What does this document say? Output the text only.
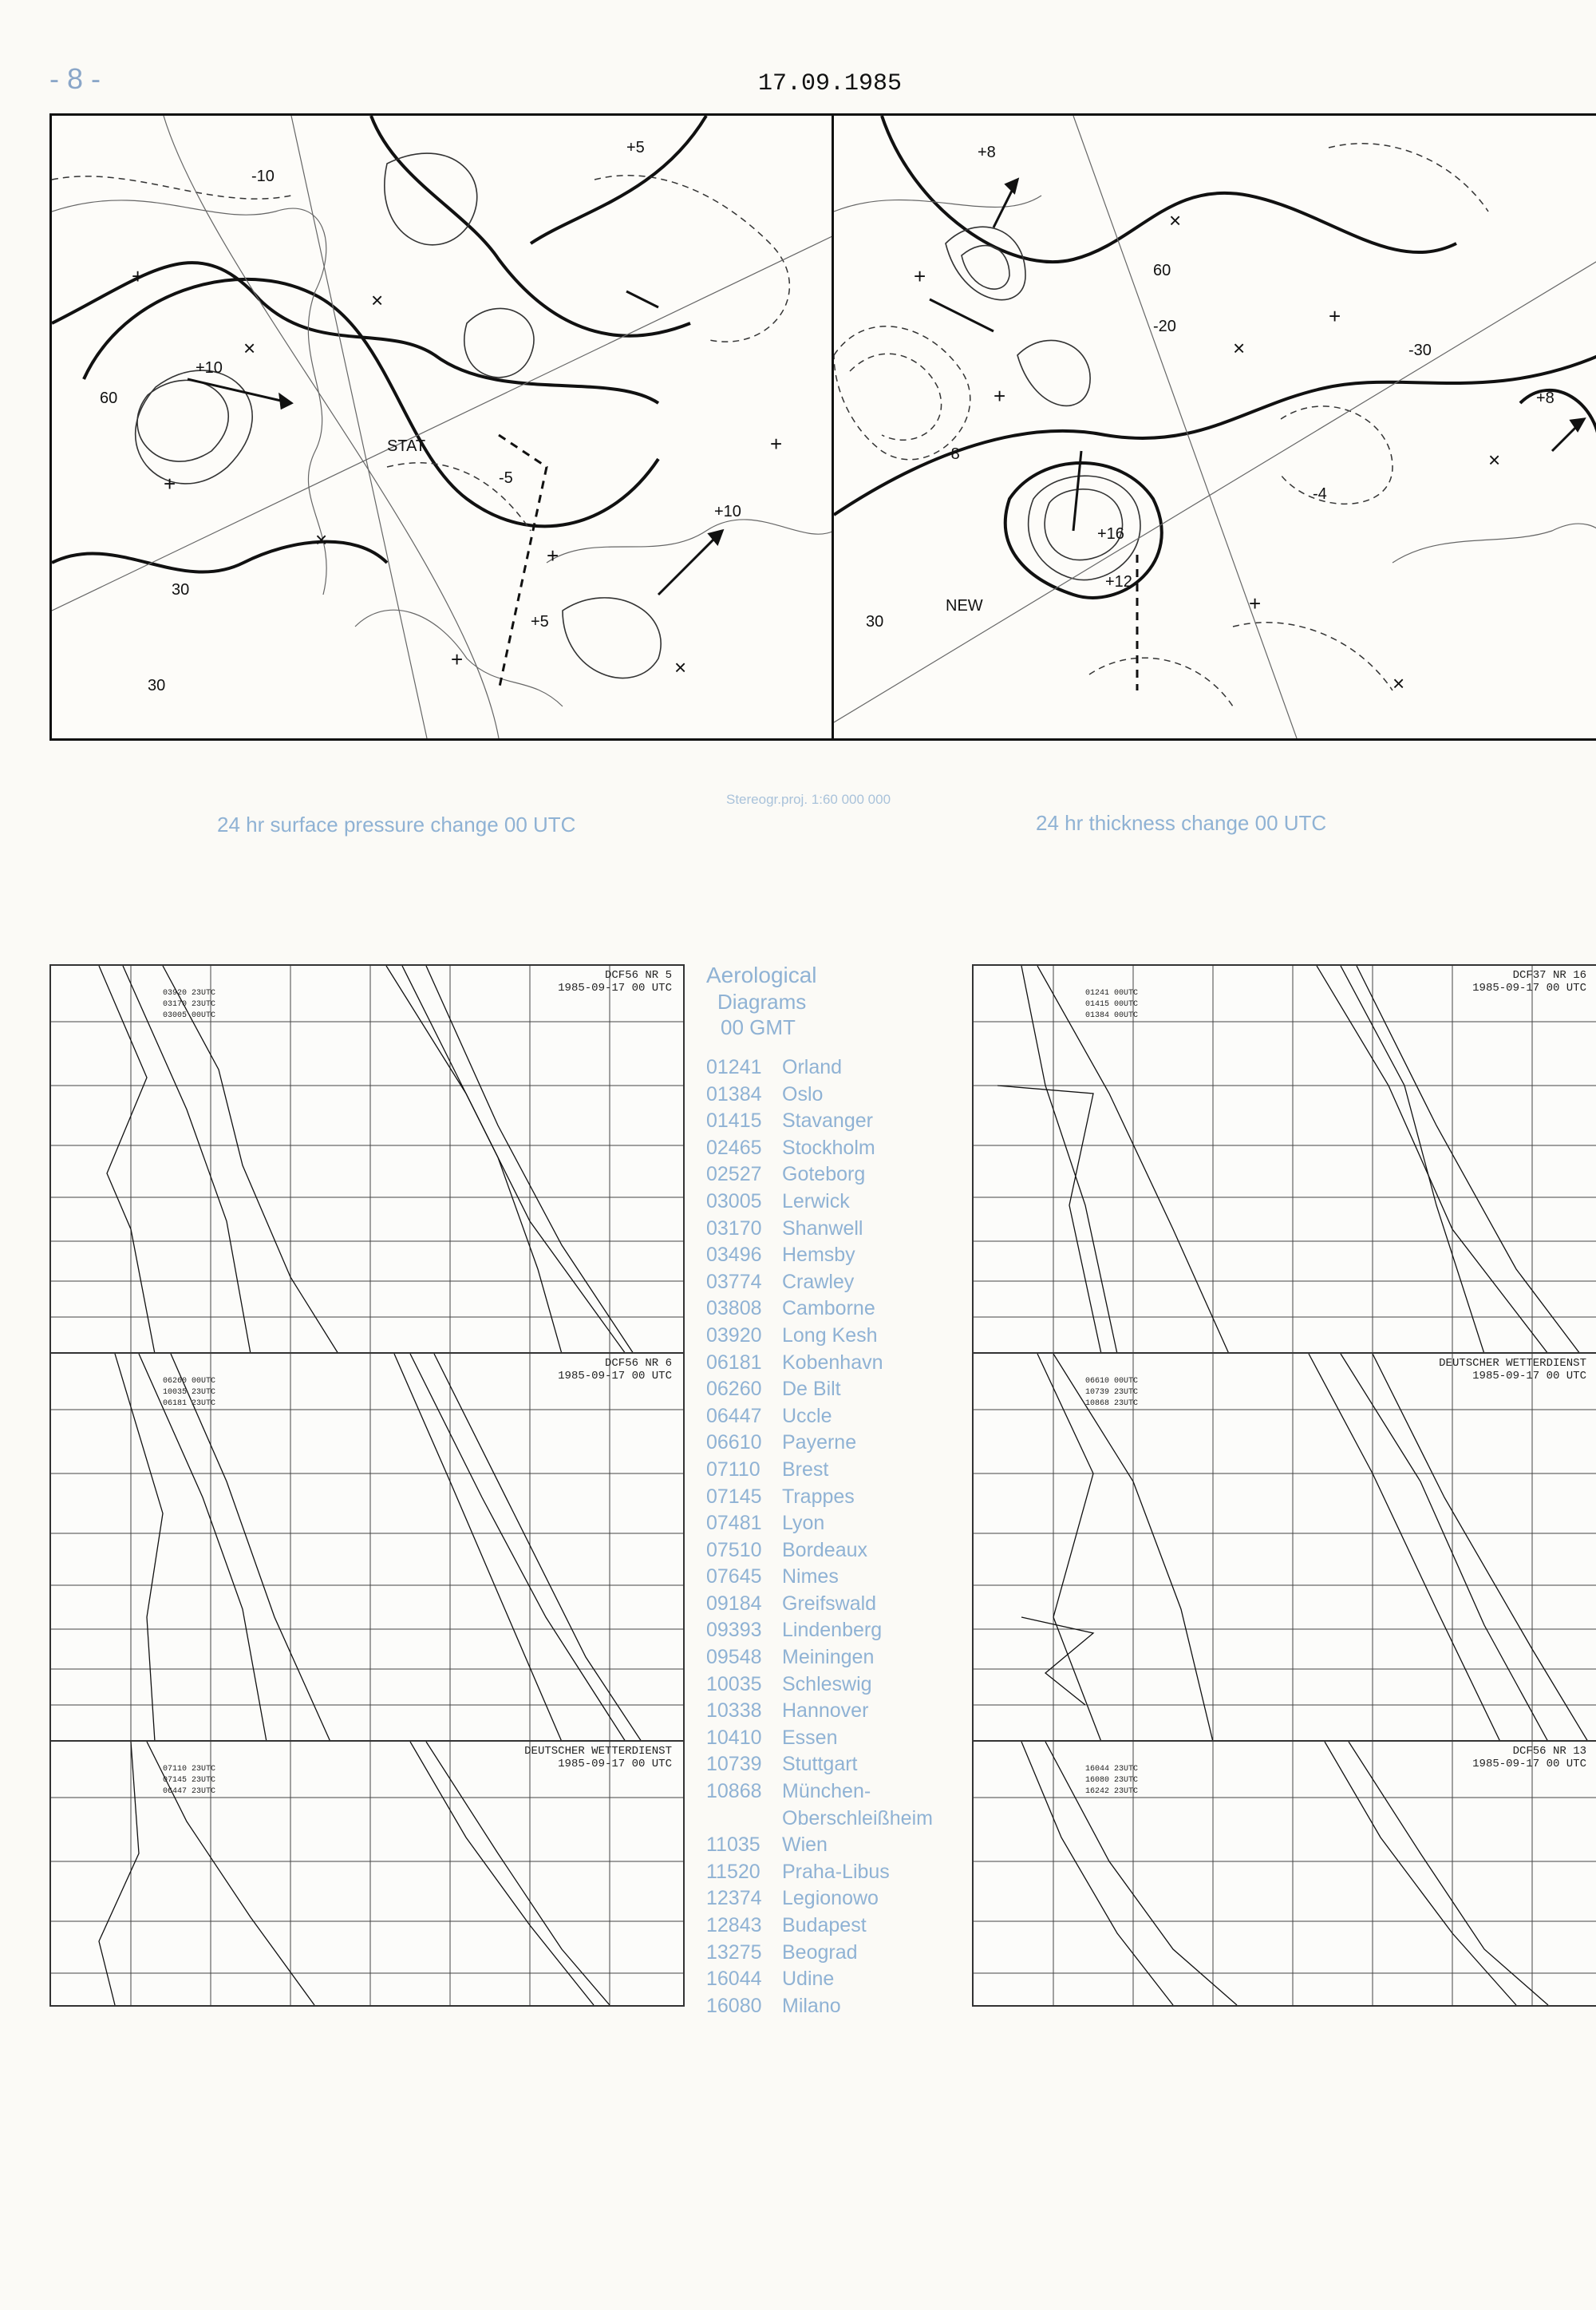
- 8 -	17.09.1985
+5
-10
+10
-5
+10
60
30
+5
30
STAT
+
×
×
+
×
+
×
+
+
+8
-20
-8
+16
+12
-4
+8
30
60
-30
NEW
+
×
×
+
×
+
×
+
24 hr surface pressure change 00 UTC
Stereogr.proj. 1:60 000 000
24 hr thickness change 00 UTC
DCF56 NR 5
1985-09-17 00 UTC
03920 23UTC
03170 23UTC
03005 00UTC
DCF56 NR 6
1985-09-17 00 UTC
06260 00UTC
10035 23UTC
06181 23UTC
DEUTSCHER WETTERDIENST
1985-09-17 00 UTC
07110 23UTC
07145 23UTC
06447 23UTC
DCF37 NR 16
1985-09-17 00 UTC
01241 00UTC
01415 00UTC
01384 00UTC
DEUTSCHER WETTERDIENST
1985-09-17 00 UTC
06610 00UTC
10739 23UTC
10868 23UTC
DCF56 NR 13
1985-09-17 00 UTC
16044 23UTC
16080 23UTC
16242 23UTC
Aerological
Diagrams
00 GMT
01241	Orland
01384	Oslo
01415	Stavanger
02465	Stockholm
02527	Goteborg
03005	Lerwick
03170	Shanwell
03496	Hemsby
03774	Crawley
03808	Camborne
03920	Long Kesh
06181	Kobenhavn
06260	De Bilt
06447	Uccle
06610	Payerne
07110	Brest
07145	Trappes
07481	Lyon
07510	Bordeaux
07645	Nimes
09184	Greifswald
09393	Lindenberg
09548	Meiningen
10035	Schleswig
10338	Hannover
10410	Essen
10739	Stuttgart
10868	München-
Oberschleißheim
11035	Wien
11520	Praha-Libus
12374	Legionowo
12843	Budapest
13275	Beograd
16044	Udine
16080	Milano
